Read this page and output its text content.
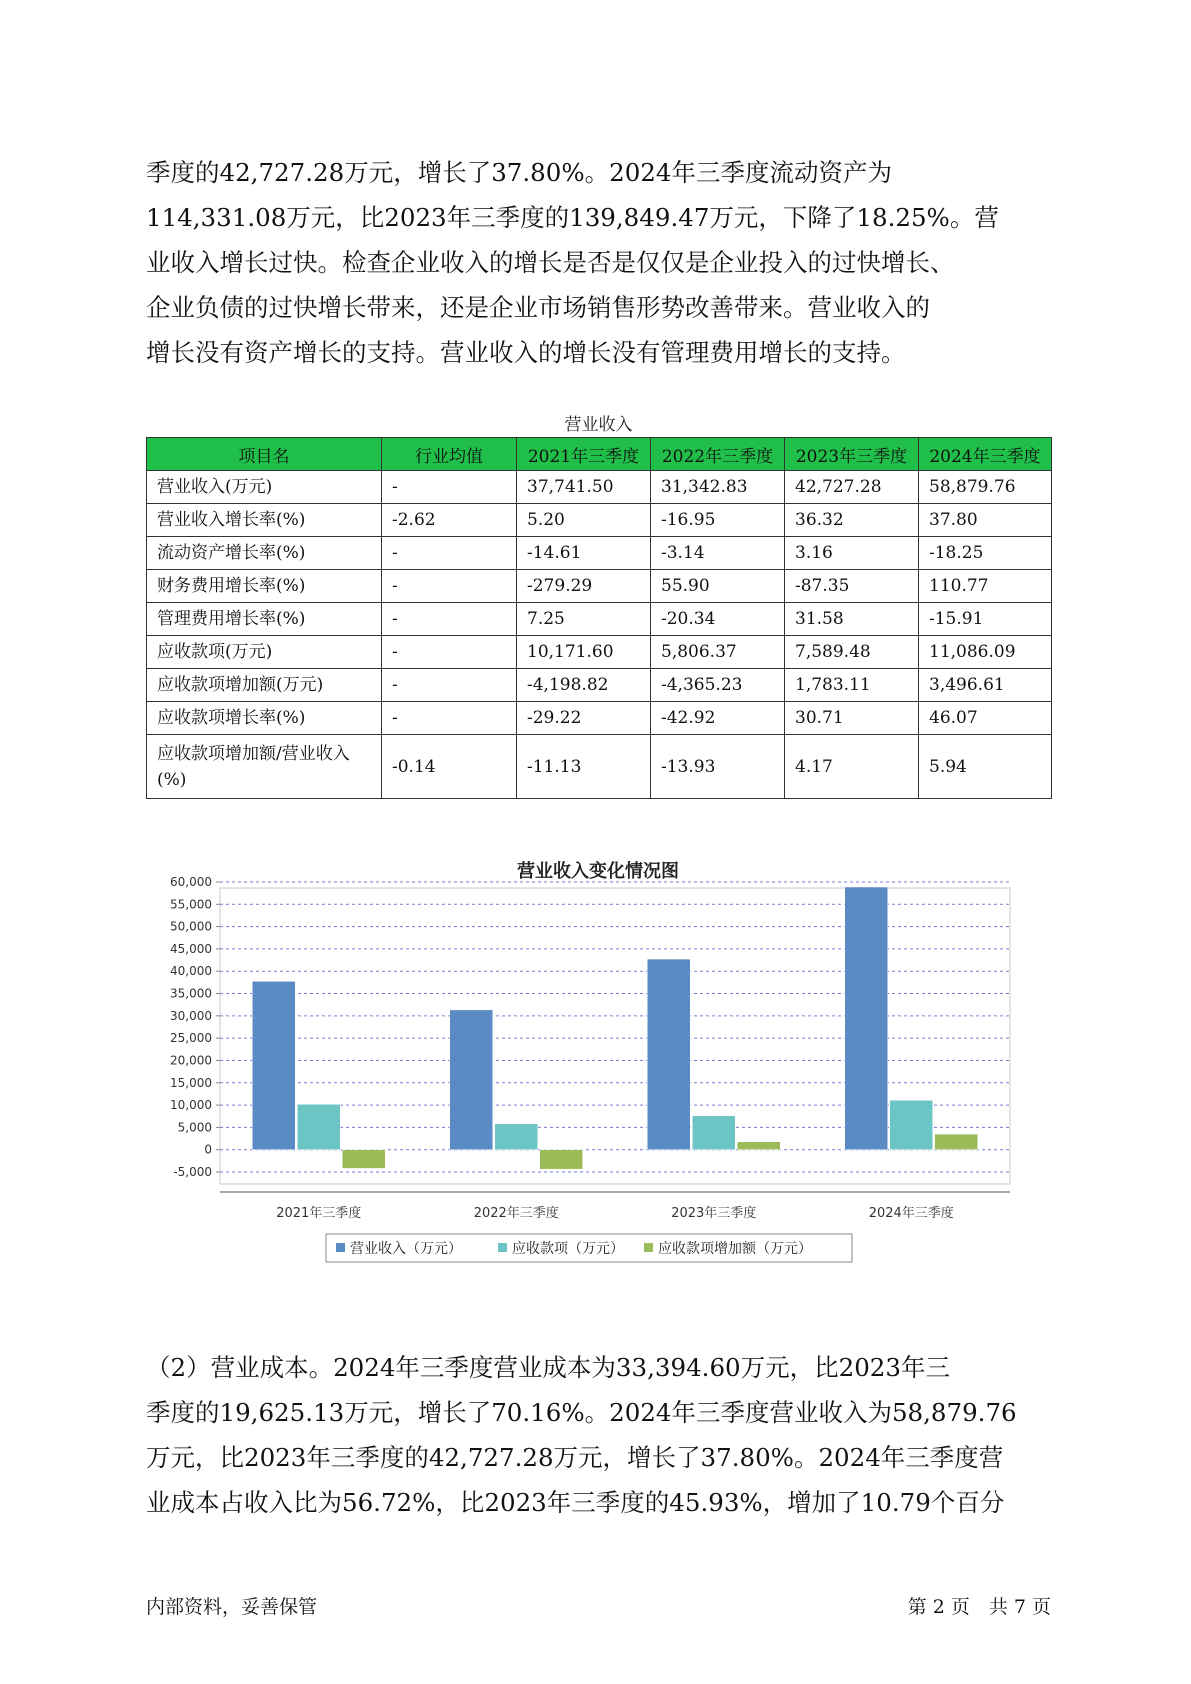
季度的42,727.28万元，增长了37.80%。2024年三季度流动资产为
114,331.08万元，比2023年三季度的139,849.47万元，下降了18.25%。营
业收入增长过快。检查企业收入的增长是否是仅仅是企业投入的过快增长、
企业负债的过快增长带来，还是企业市场销售形势改善带来。营业收入的
增长没有资产增长的支持。营业收入的增长没有管理费用增长的支持。
营业收入
项目名	行业均值	2021年三季度	2022年三季度	2023年三季度	2024年三季度
营业收入(万元)	-	37,741.50	31,342.83	42,727.28	58,879.76
营业收入增长率(%)	-2.62	5.20	-16.95	36.32	37.80
流动资产增长率(%)	-	-14.61	-3.14	3.16	-18.25
财务费用增长率(%)	-	-279.29	55.90	-87.35	110.77
管理费用增长率(%)	-	7.25	-20.34	31.58	-15.91
应收款项(万元)	-	10,171.60	5,806.37	7,589.48	11,086.09
应收款项增加额(万元)	-	-4,198.82	-4,365.23	1,783.11	3,496.61
应收款项增长率(%)	-	-29.22	-42.92	30.71	46.07
应收款项增加额/营业收入(%)	-0.14	-11.13	-13.93	4.17	5.94
营业收入变化情况图
-5,000
0
5,000
10,000
15,000
20,000
25,000
30,000
35,000
40,000
45,000
50,000
55,000
60,000
2021年三季度	2022年三季度	2023年三季度	2024年三季度
营业收入（万元）	应收款项（万元） 应收款项增加额（万元）
（2）营业成本。2024年三季度营业成本为33,394.60万元，比2023年三
季度的19,625.13万元，增长了70.16%。2024年三季度营业收入为58,879.76
万元，比2023年三季度的42,727.28万元，增长了37.80%。2024年三季度营
业成本占收入比为56.72%，比2023年三季度的45.93%，增加了10.79个百分
内部资料，妥善保管	第 2 页　共 7 页
